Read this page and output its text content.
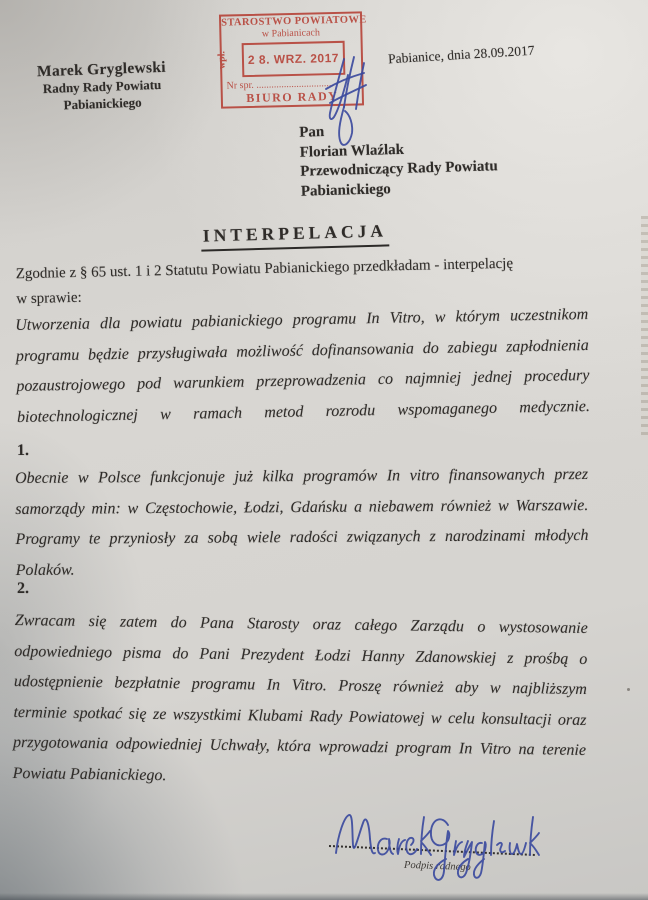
Marek Gryglewski
Radny Rady Powiatu
Pabianickiego
STAROSTWO POWIATOWE
w Pabianicach
wpł. 2 8. WRZ. 2017
Nr spr. ...............................
BIURO RADY
Pabianice, dnia 28.09.2017
Pan
Florian Wlaźlak
Przewodniczący Rady Powiatu
Pabianickiego
INTERPELACJA
Zgodnie z § 65 ust. 1 i 2 Statutu Powiatu Pabianickiego przedkładam - interpelację
w sprawie:
Utworzenia dla powiatu pabianickiego programu In Vitro, w którym uczestnikom
programu będzie przysługiwała możliwość dofinansowania do zabiegu zapłodnienia
pozaustrojowego pod warunkiem przeprowadzenia co najmniej jednej procedury
biotechnologicznej w ramach metod rozrodu wspomaganego medycznie.
1.
Obecnie w Polsce funkcjonuje już kilka programów In vitro finansowanych przez
samorządy min: w Częstochowie, Łodzi, Gdańsku a niebawem również w Warszawie.
Programy te przyniosły za sobą wiele radości związanych z narodzinami młodych
Polaków.
2.
Zwracam się zatem do Pana Starosty oraz całego Zarządu o wystosowanie
odpowiedniego pisma do Pani Prezydent Łodzi Hanny Zdanowskiej z prośbą o
udostępnienie bezpłatnie programu In Vitro. Proszę również aby w najbliższym
terminie spotkać się ze wszystkimi Klubami Rady Powiatowej w celu konsultacji oraz
przygotowania odpowiedniej Uchwały, która wprowadzi program In Vitro na terenie
Powiatu Pabianickiego.
Podpis radnego
